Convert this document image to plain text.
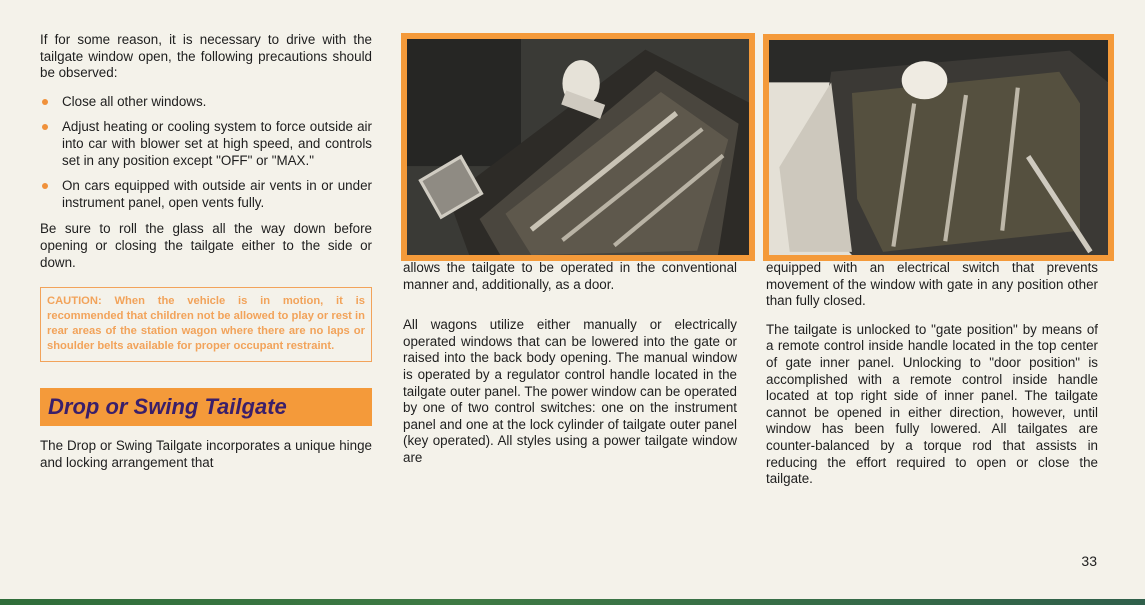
If for some reason, it is necessary to drive with the tailgate window open, the following precautions should be observed:

Close all other windows.
Adjust heating or cooling system to force outside air into car with blower set at high speed, and controls set in any position except "OFF" or "MAX."
On cars equipped with outside air vents in or under instrument panel, open vents fully.

Be sure to roll the glass all the way down before opening or closing the tailgate either to the side or down.

CAUTION: When the vehicle is in motion, it is recommended that children not be allowed to play or rest in rear areas of the station wagon where there are no laps or shoulder belts available for proper occupant restraint.
Drop or Swing Tailgate

The Drop or Swing Tailgate incorporates a unique hinge and locking arrangement that

allows the tailgate to be operated in the conventional manner and, additionally, as a door.

All wagons utilize either manually or electrically operated windows that can be lowered into the gate or raised into the back body opening. The manual window is operated by a regulator control handle located in the tailgate outer panel. The power window can be operated by one of two control switches: one on the instrument panel and one at the lock cylinder of tailgate outer panel (key operated). All styles using a power tailgate window are

equipped with an electrical switch that prevents movement of the window with gate in any position other than fully closed.

The tailgate is unlocked to "gate position" by means of a remote control inside handle located in the top center of gate inner panel. Unlocking to "door position" is accomplished with a remote control inside handle located at top right side of inner panel. The tailgate cannot be opened in either direction, however, until window has been fully lowered. All tailgates are counter-balanced by a torque rod that assists in reducing the effort required to open or close the tailgate.

33
